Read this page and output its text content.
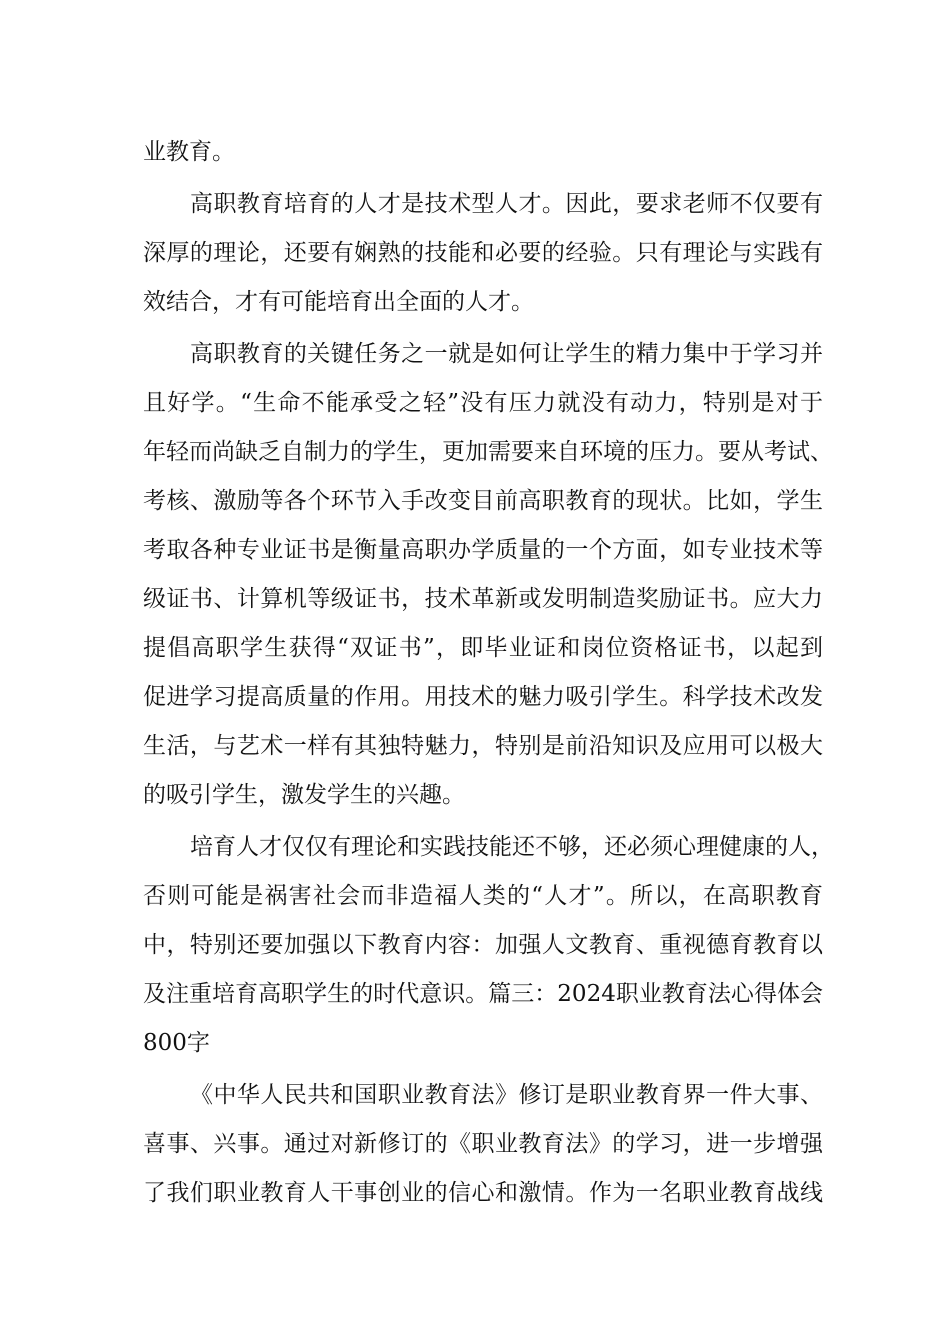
业教育。
高职教育培育的人才是技术型人才。因此，要求老师不仅要有
深厚的理论，还要有娴熟的技能和必要的经验。只有理论与实践有
效结合，才有可能培育出全面的人才。
高职教育的关键任务之一就是如何让学生的精力集中于学习并
且好学。“生命不能承受之轻”没有压力就没有动力，特别是对于
年轻而尚缺乏自制力的学生，更加需要来自环境的压力。要从考试、
考核、激励等各个环节入手改变目前高职教育的现状。比如，学生
考取各种专业证书是衡量高职办学质量的一个方面，如专业技术等
级证书、计算机等级证书，技术革新或发明制造奖励证书。应大力
提倡高职学生获得“双证书”，即毕业证和岗位资格证书，以起到
促进学习提高质量的作用。用技术的魅力吸引学生。科学技术改发
生活，与艺术一样有其独特魅力，特别是前沿知识及应用可以极大
的吸引学生，激发学生的兴趣。
培育人才仅仅有理论和实践技能还不够，还必须心理健康的人，
否则可能是祸害社会而非造福人类的“人才”。所以，在高职教育
中，特别还要加强以下教育内容：加强人文教育、重视德育教育以
及注重培育高职学生的时代意识。篇三：2024职业教育法心得体会
800字
《中华人民共和国职业教育法》修订是职业教育界一件大事、
喜事、兴事。通过对新修订的《职业教育法》的学习，进一步增强
了我们职业教育人干事创业的信心和激情。作为一名职业教育战线
